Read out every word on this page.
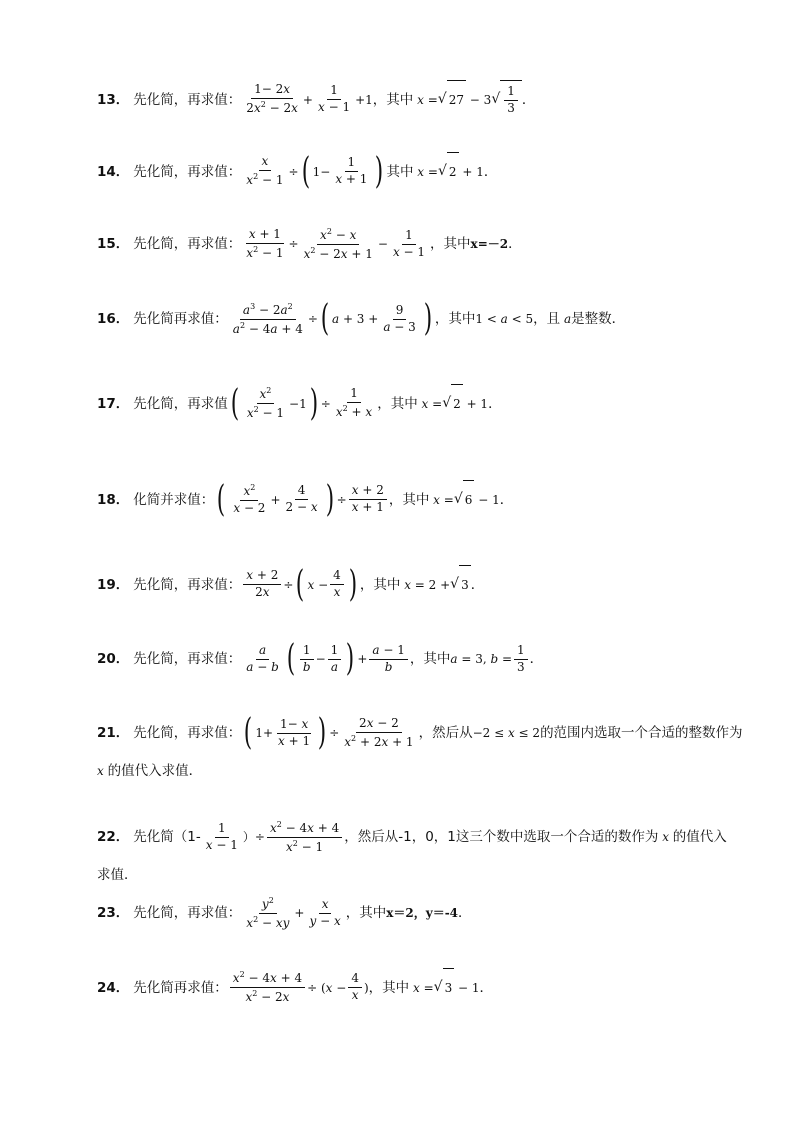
13． 先化简，再求值： $\frac{1- 2x}{2x^2 - 2x} + \frac{1}{x - 1} +1$ ，其中 x = √ 27 − 3 √ $\frac{1}{3}$ ．
14． 先化简，再求值： $\frac{x}{x^2 - 1}$ ÷ ( $1- \frac{1}{x + 1}$ ) 其中 x = √ 2 + 1 ．
15． 先化简，再求值： $\frac{x + 1}{x^2 - 1} \div \frac{x^2 - x}{x^2 - 2x + 1} - \frac{1}{x - 1}$ ，其中 x=－2 ．
16． 先化简再求值： $\frac{a^3 - 2a^2}{a^2 - 4a + 4}$ ÷ ( $a + 3 + \frac{9}{a - 3}$ ) ，其中 1 < a < 5 ，且 a 是整数．
17． 先化简，再求值 ( $\frac{x^2}{x^2 - 1} -1$ ) ÷ $\frac{1}{x^2 + x}$ ，其中 x = √ 2 + 1 ．
18． 化简并求值： ( $\frac{x^2}{x - 2} + \frac{4}{2 - x}$ ) ÷ $\frac{x + 2}{x + 1}$ ，其中 x = √ 6 − 1 ．
19． 先化简，再求值： $\frac{x + 2}{2x}$ ÷ ( $x - \frac{4}{x}$ ) ，其中 x = 2 + √ 3 ．
20． 先化简，再求值： $\frac{a}{a - b}$ ( $\frac{1}{b} - \frac{1}{a}$ ) + $\frac{a - 1}{b}$ ，其中 a = 3, $b = \frac{1}{3}$ ．
21． 先化简，再求值： ( $1+ \frac{1- x}{x + 1}$ ) ÷ $\frac{2x - 2}{x^2 + 2x + 1}$ ，然后从 −2 ≤ x ≤ 2 的范围内选取一个合适的整数作为
x 的值代入求值．
22． 先化简（$1- \frac{1}{x - 1}$ ）÷ $\frac{x^2 - 4x + 4}{x^2 - 1}$ ，然后从-1，0，1这三个数中选取一个合适的数作为 x 的值代入
求值．
23． 先化简，再求值： $\frac{y^2}{x^2 - xy} + \frac{x}{y - x}$ ，其中 x＝2，y＝-4 ．
24． 先化简再求值： $\frac{x^2 - 4x + 4}{x^2 - 2x} \div (x - \frac{4}{x}$ ) ，其中 x = √ 3 − 1 ．
